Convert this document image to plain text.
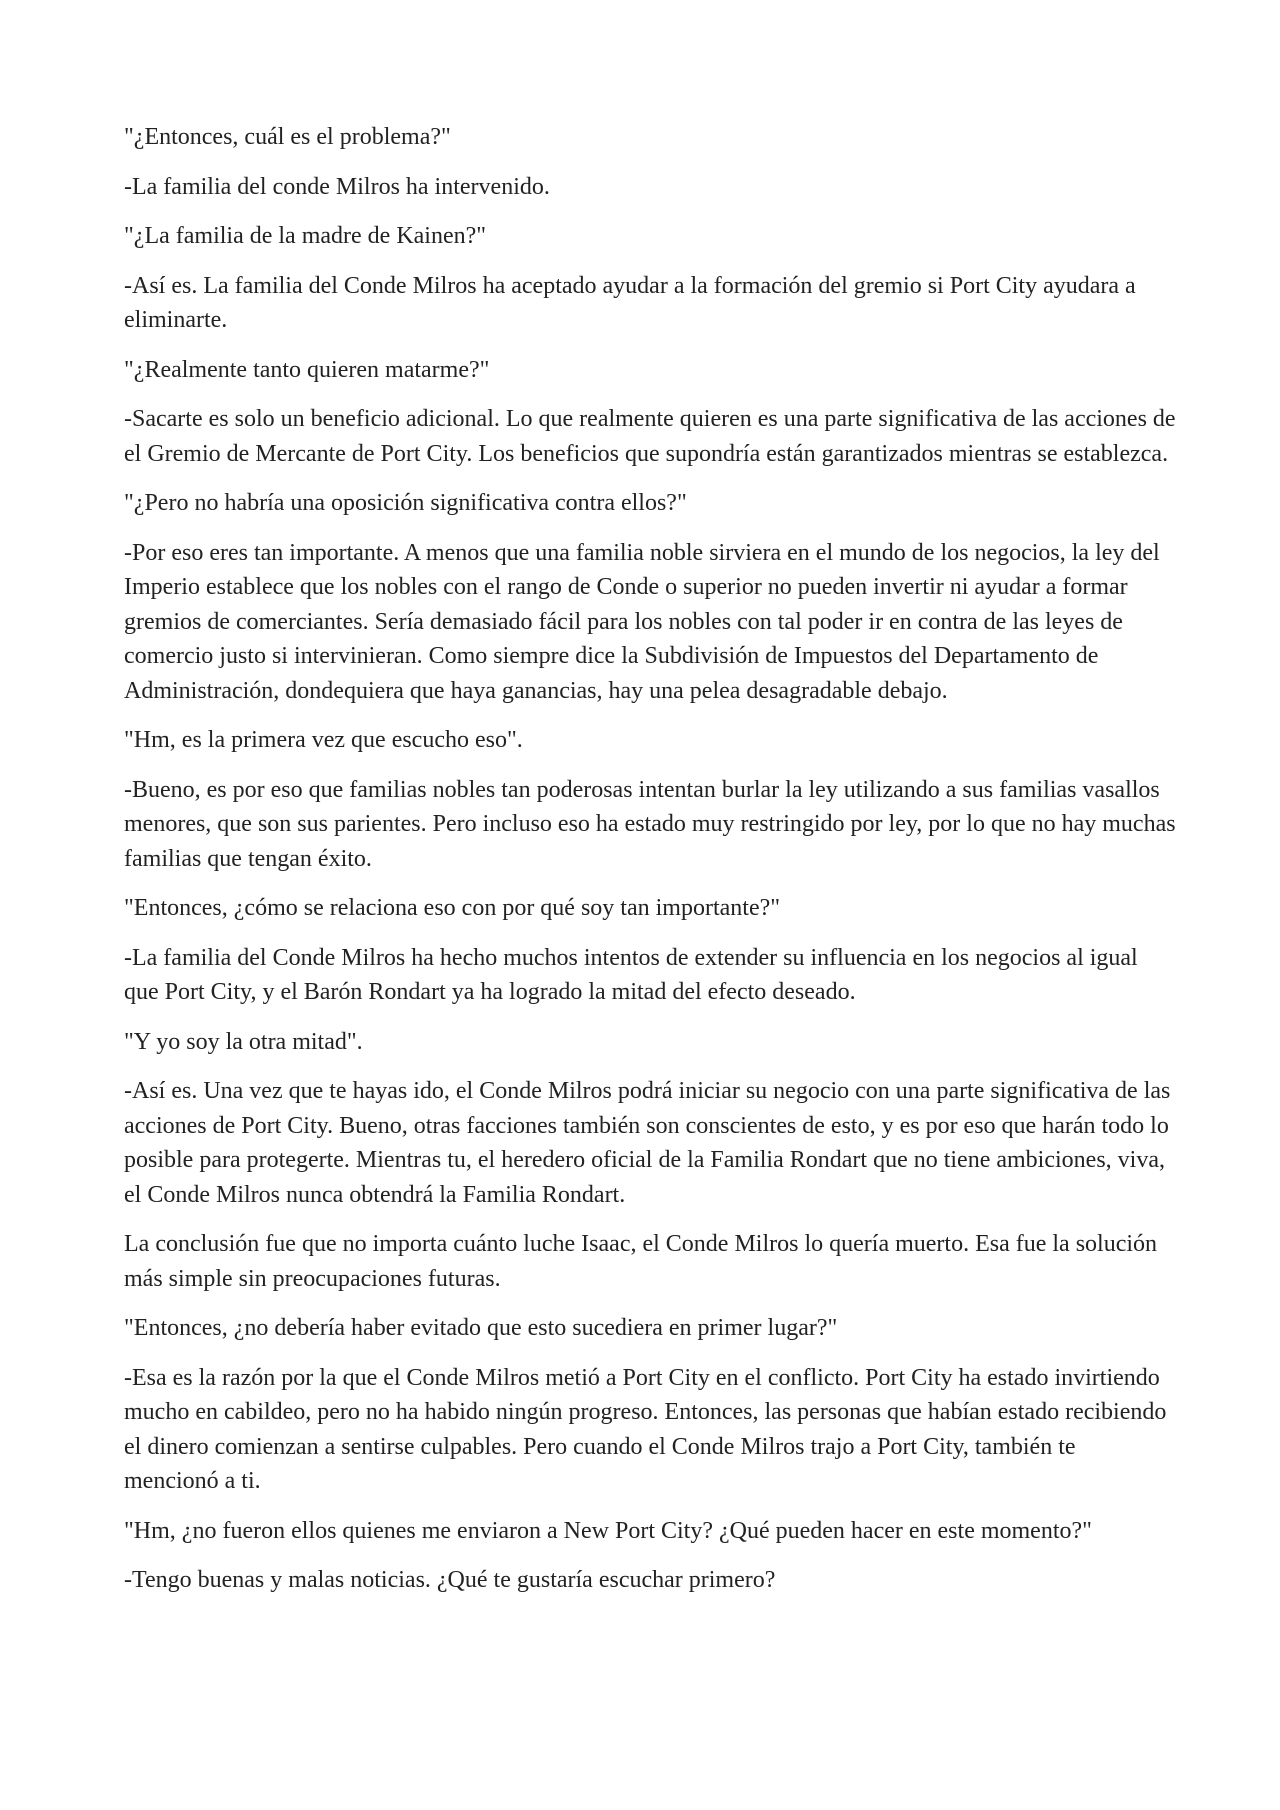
"¿Entonces, cuál es el problema?"

-La familia del conde Milros ha intervenido.

"¿La familia de la madre de Kainen?"

-Así es. La familia del Conde Milros ha aceptado ayudar a la formación del gremio si Port City ayudara a eliminarte.

"¿Realmente tanto quieren matarme?"

-Sacarte es solo un beneficio adicional. Lo que realmente quieren es una parte significativa de las acciones de el Gremio de Mercante de Port City. Los beneficios que supondría están garantizados mientras se establezca.

"¿Pero no habría una oposición significativa contra ellos?"

-Por eso eres tan importante. A menos que una familia noble sirviera en el mundo de los negocios, la ley del Imperio establece que los nobles con el rango de Conde o superior no pueden invertir ni ayudar a formar gremios de comerciantes. Sería demasiado fácil para los nobles con tal poder ir en contra de las leyes de comercio justo si intervinieran. Como siempre dice la Subdivisión de Impuestos del Departamento de Administración, dondequiera que haya ganancias, hay una pelea desagradable debajo.

"Hm, es la primera vez que escucho eso".

-Bueno, es por eso que familias nobles tan poderosas intentan burlar la ley utilizando a sus familias vasallos menores, que son sus parientes. Pero incluso eso ha estado muy restringido por ley, por lo que no hay muchas familias que tengan éxito.

"Entonces, ¿cómo se relaciona eso con por qué soy tan importante?"

-La familia del Conde Milros ha hecho muchos intentos de extender su influencia en los negocios al igual que Port City, y el Barón Rondart ya ha logrado la mitad del efecto deseado.

"Y yo soy la otra mitad".

-Así es. Una vez que te hayas ido, el Conde Milros podrá iniciar su negocio con una parte significativa de las acciones de Port City. Bueno, otras facciones también son conscientes de esto, y es por eso que harán todo lo posible para protegerte. Mientras tu, el heredero oficial de la Familia Rondart que no tiene ambiciones, viva, el Conde Milros nunca obtendrá la Familia Rondart.

La conclusión fue que no importa cuánto luche Isaac, el Conde Milros lo quería muerto. Esa fue la solución más simple sin preocupaciones futuras.

"Entonces, ¿no debería haber evitado que esto sucediera en primer lugar?"

-Esa es la razón por la que el Conde Milros metió a Port City en el conflicto. Port City ha estado invirtiendo mucho en cabildeo, pero no ha habido ningún progreso. Entonces, las personas que habían estado recibiendo el dinero comienzan a sentirse culpables. Pero cuando el Conde Milros trajo a Port City, también te mencionó a ti.

"Hm, ¿no fueron ellos quienes me enviaron a New Port City? ¿Qué pueden hacer en este momento?"

-Tengo buenas y malas noticias. ¿Qué te gustaría escuchar primero?
